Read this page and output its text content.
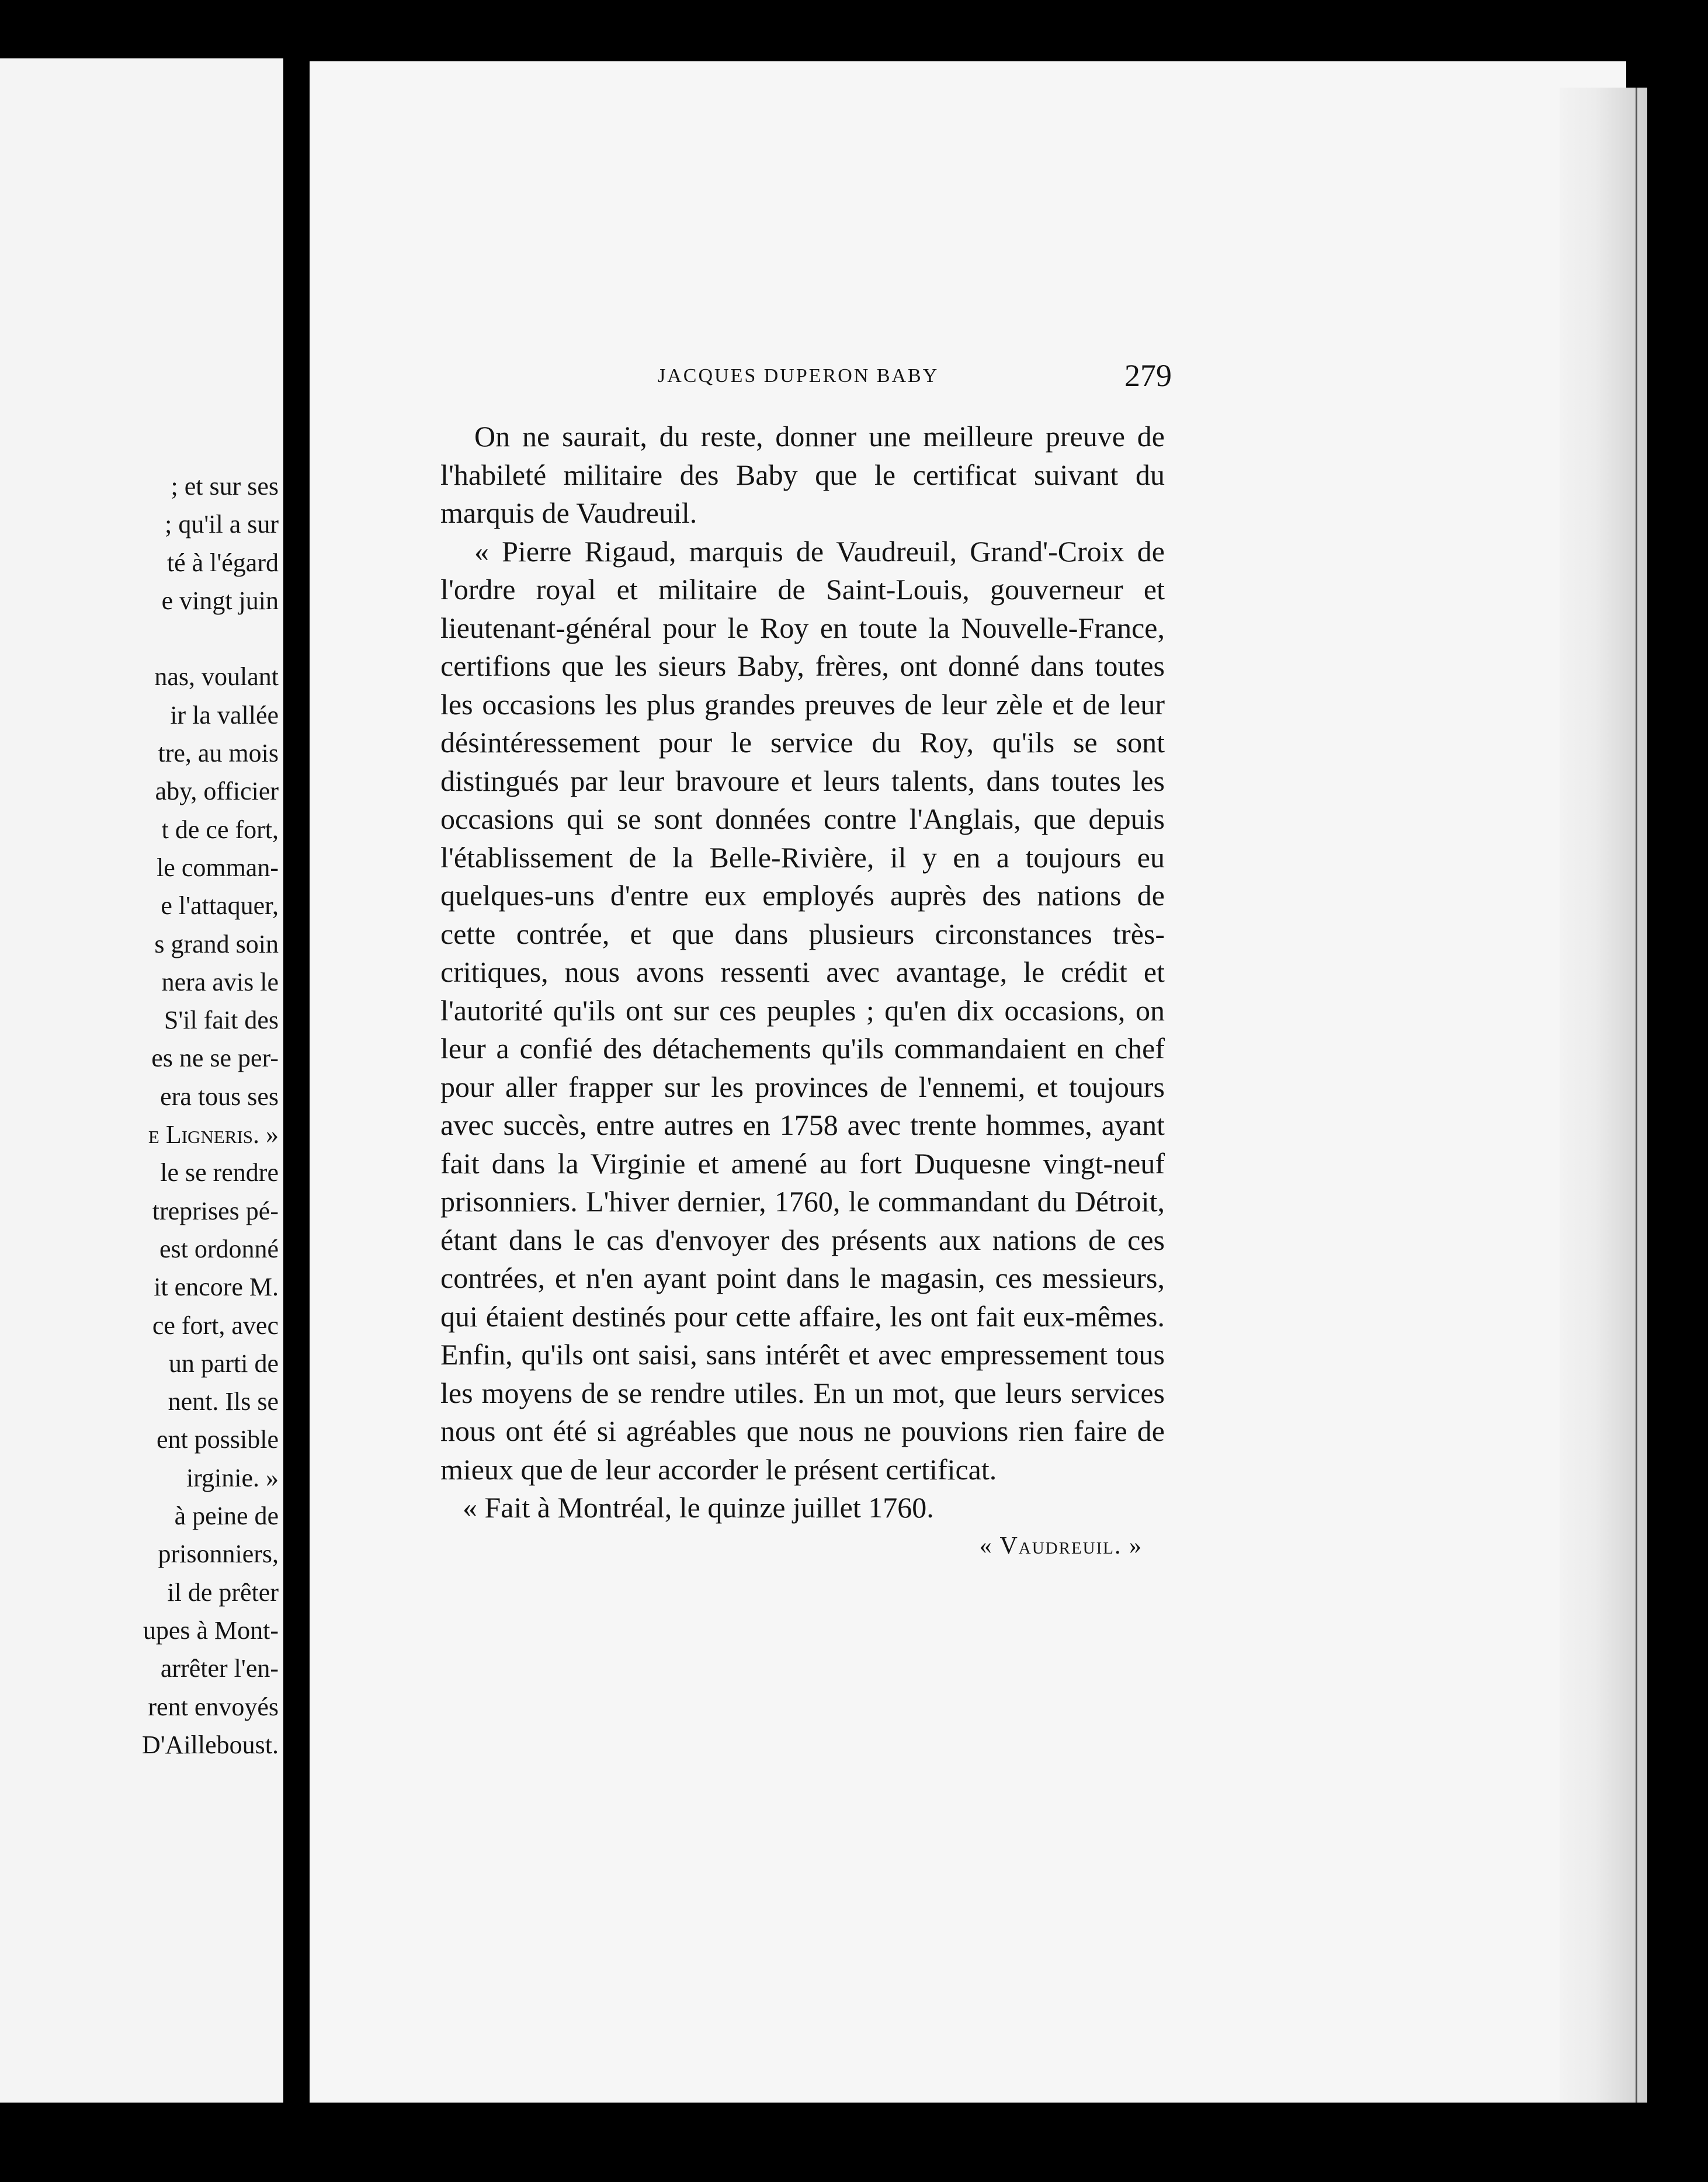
; et sur ses
; qu'il a sur
té à l'égard
e vingt juin

nas, voulant
ir la vallée
tre, au mois
aby, officier
t de ce fort,
le comman-
e l'attaquer,
s grand soin
nera avis le
S'il fait des
es ne se per-
era tous ses
e Ligneris. »
le se rendre
treprises pé-
est ordonné
it encore M.
ce fort, avec
un parti de
nent. Ils se
ent possible
irginie. »
à peine de
prisonniers,
il de prêter
upes à Mont-
arrêter l'en-
rent envoyés
D'Ailleboust.
JACQUES DUPERON BABY	279

On ne saurait, du reste, donner une meilleure preuve de l'habileté militaire des Baby que le certificat suivant du marquis de Vaudreuil.

« Pierre Rigaud, marquis de Vaudreuil, Grand'-Croix de l'ordre royal et militaire de Saint-Louis, gouverneur et lieutenant-général pour le Roy en toute la Nouvelle-France, certifions que les sieurs Baby, frères, ont donné dans toutes les occasions les plus grandes preuves de leur zèle et de leur désintéressement pour le service du Roy, qu'ils se sont distingués par leur bravoure et leurs talents, dans toutes les occasions qui se sont données contre l'Anglais, que depuis l'établissement de la Belle-Rivière, il y en a toujours eu quelques-uns d'entre eux employés auprès des nations de cette contrée, et que dans plusieurs circonstances très-critiques, nous avons ressenti avec avantage, le crédit et l'autorité qu'ils ont sur ces peuples ; qu'en dix occasions, on leur a confié des détachements qu'ils commandaient en chef pour aller frapper sur les provinces de l'ennemi, et toujours avec succès, entre autres en 1758 avec trente hommes, ayant fait dans la Virginie et amené au fort Duquesne vingt-neuf prisonniers. L'hiver dernier, 1760, le commandant du Détroit, étant dans le cas d'envoyer des présents aux nations de ces contrées, et n'en ayant point dans le magasin, ces messieurs, qui étaient destinés pour cette affaire, les ont fait eux-mêmes. Enfin, qu'ils ont saisi, sans intérêt et avec empressement tous les moyens de se rendre utiles. En un mot, que leurs services nous ont été si agréables que nous ne pouvions rien faire de mieux que de leur accorder le présent certificat.

« Fait à Montréal, le quinze juillet 1760.

« Vaudreuil. »
